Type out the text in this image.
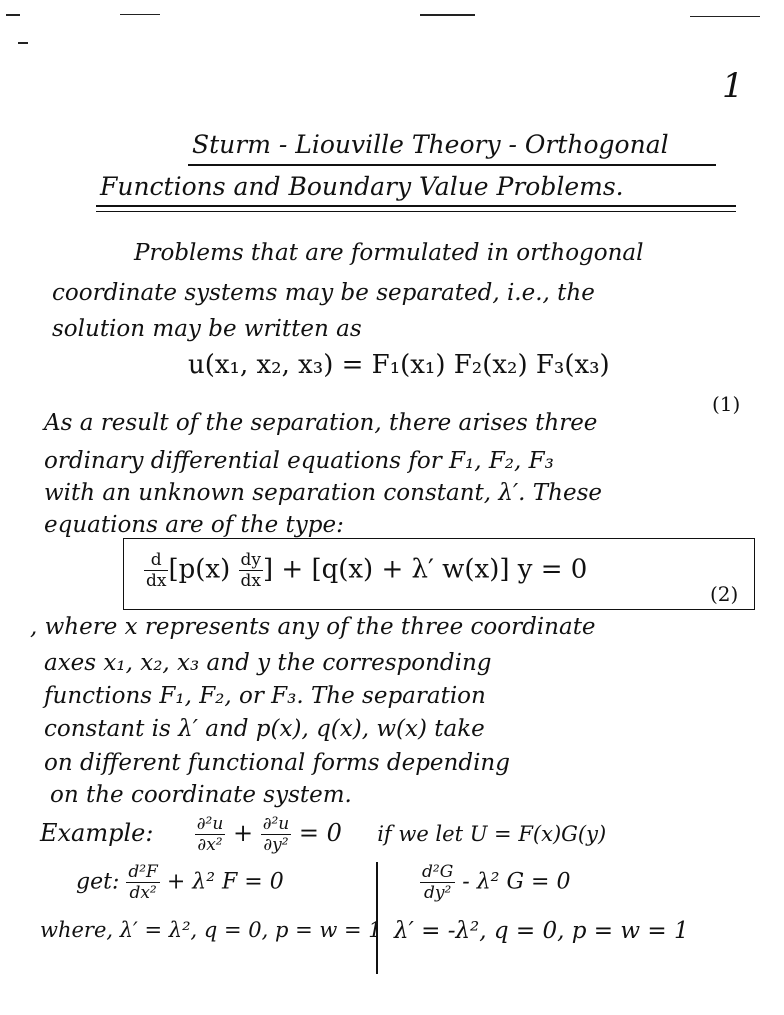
1
Sturm - Liouville Theory - Orthogonal
Functions and Boundary Value Problems.
Problems that are formulated in orthogonal
coordinate systems may be separated, i.e., the
solution may be written as
u(x₁, x₂, x₃) = F₁(x₁) F₂(x₂) F₃(x₃)
(1)
As a result of the separation, there arises three
ordinary differential equations for F₁, F₂, F₃
with an unknown separation constant, λ′. These
equations are of the type:
$\frac{d}{dx} [p(x) \frac{dy}{dx}$ ] + [q(x) + λ′ w(x)] y = 0
(2)
, where x represents any of the three coordinate
axes x₁, x₂, x₃ and y the corresponding
functions F₁, F₂, or F₃. The separation
constant is λ′ and p(x), q(x), w(x) take
on different functional forms depending
on the coordinate system.
Example: $\frac{\text{∂²u}}{\text{∂x²}} + \frac{\text{∂²u}}{\text{∂y²}} = 0$ if we let U = F(x)G(y)
get: $\frac{\text{d²F}}{\text{dx²}} + \lambda^2$ F = 0	$\frac{\text{d²G}}{\text{dy²}} - \lambda^2$ G = 0
where, λ′ = λ², q = 0, p = w = 1 λ′ = -λ², q = 0, p = w = 1
